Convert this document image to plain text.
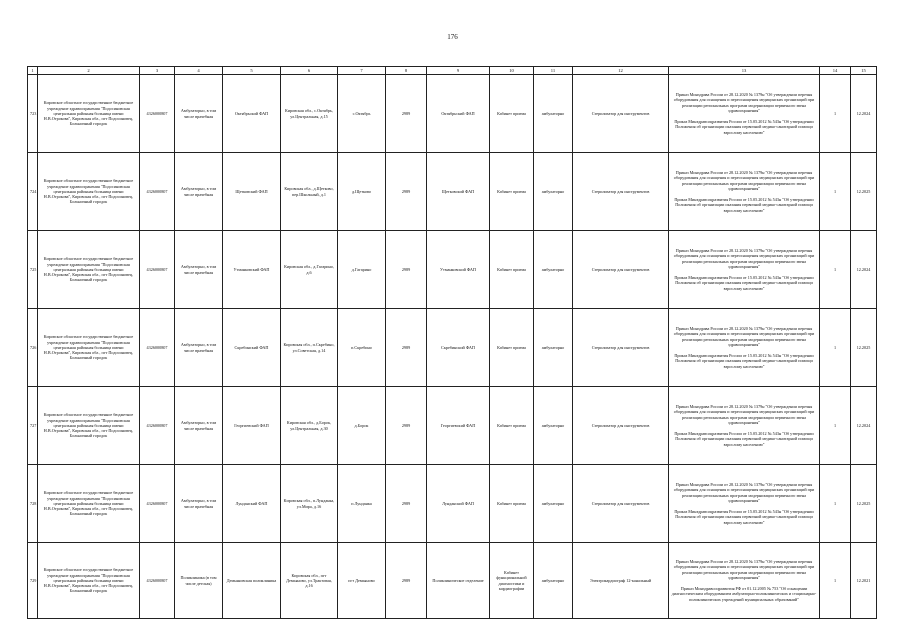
176
1	2	3	4	5	6	7	8	9	10	11	12	13	14	15
723	Кировское областное государственное бюджетное учреждение здравоохранения "Подосиновская центральная районная больница имени Н.В.Отрокова", Кировская обл., пгт Подосиновец, Больничный городок	4326000807	Амбулаторно, в том числе врачебная	Октябрьский ФАП	Кировская обл., с.Октябрь, ул.Центральная, д.15	с.Октябрь	2989	Октябрьский ФАП	Кабинет приема	амбулаторно	Стерилизатор для инструментов	Приказ Минздрава России от 28.12.2020 № 1379н "Об утверждении перечня оборудования для оснащения и переоснащения медицинских организаций при реализации региональных программ модернизации первичного звена здравоохранения"

Приказ Минздравсоцразвития России от 15.05.2012 № 543н "Об утверждении Положения об организации оказания первичной медико-санитарной помощи взрослому населению"	1	12.2024
724	Кировское областное государственное бюджетное учреждение здравоохранения "Подосиновская центральная районная больница имени Н.В.Отрокова", Кировская обл., пгт Подосиновец, Больничный городок	4326000807	Амбулаторно, в том числе врачебная	Щетковский ФАП	Кировская обл., д.Щетково, пер.Школьный, д.1	д.Щетково	2989	Щетковский ФАП	Кабинет приема	амбулаторно	Стерилизатор для инструментов	Приказ Минздрава России от 28.12.2020 № 1379н "Об утверждении перечня оборудования для оснащения и переоснащения медицинских организаций при реализации региональных программ модернизации первичного звена здравоохранения"

Приказ Минздравсоцразвития России от 15.05.2012 № 543н "Об утверждении Положения об организации оказания первичной медико-санитарной помощи взрослому населению"	1	12.2025
725	Кировское областное государственное бюджетное учреждение здравоохранения "Подосиновская центральная районная больница имени Н.В.Отрокова", Кировская обл., пгт Подосиновец, Больничный городок	4326000807	Амбулаторно, в том числе врачебная	Утманковский ФАП	Кировская обл., д.Гагарино, д.6	д.Гагарино	2989	Утманковский ФАП	Кабинет приема	амбулаторно	Стерилизатор для инструментов	Приказ Минздрава России от 28.12.2020 № 1379н "Об утверждении перечня оборудования для оснащения и переоснащения медицинских организаций при реализации региональных программ модернизации первичного звена здравоохранения"

Приказ Минздравсоцразвития России от 15.05.2012 № 543н "Об утверждении Положения об организации оказания первичной медико-санитарной помощи взрослому населению"	1	12.2024
726	Кировское областное государственное бюджетное учреждение здравоохранения "Подосиновская центральная районная больница имени Н.В.Отрокова", Кировская обл., пгт Подосиновец, Больничный городок	4326000807	Амбулаторно, в том числе врачебная	Скребинский ФАП	Кировская обл., п.Скребино, ул.Советская, д.14	п.Скребино	2989	Скребинский ФАП	Кабинет приема	амбулаторно	Стерилизатор для инструментов	Приказ Минздрава России от 28.12.2020 № 1379н "Об утверждении перечня оборудования для оснащения и переоснащения медицинских организаций при реализации региональных программ модернизации первичного звена здравоохранения"

Приказ Минздравсоцразвития России от 15.05.2012 № 543н "Об утверждении Положения об организации оказания первичной медико-санитарной помощи взрослому населению"	1	12.2025
727	Кировское областное государственное бюджетное учреждение здравоохранения "Подосиновская центральная районная больница имени Н.В.Отрокова", Кировская обл., пгт Подосиновец, Больничный городок	4326000807	Амбулаторно, в том числе врачебная	Георгиевский ФАП	Кировская обл., д.Борок, ул.Центральная, д.30	д.Борок	2989	Георгиевский ФАП	Кабинет приема	амбулаторно	Стерилизатор для инструментов	Приказ Минздрава России от 28.12.2020 № 1379н "Об утверждении перечня оборудования для оснащения и переоснащения медицинских организаций при реализации региональных программ модернизации первичного звена здравоохранения"

Приказ Минздравсоцразвития России от 15.05.2012 № 543н "Об утверждении Положения об организации оказания первичной медико-санитарной помощи взрослому населению"	1	12.2024
728	Кировское областное государственное бюджетное учреждение здравоохранения "Подосиновская центральная районная больница имени Н.В.Отрокова", Кировская обл., пгт Подосиновец, Больничный городок	4326000807	Амбулаторно, в том числе врачебная	Лунданский ФАП	Кировская обл., п.Лунданка, ул.Мира, д.16	п.Лунданка	2989	Лунданский ФАП	Кабинет приема	амбулаторно	Стерилизатор для инструментов	Приказ Минздрава России от 28.12.2020 № 1379н "Об утверждении перечня оборудования для оснащения и переоснащения медицинских организаций при реализации региональных программ модернизации первичного звена здравоохранения"

Приказ Минздравсоцразвития России от 15.05.2012 № 543н "Об утверждении Положения об организации оказания первичной медико-санитарной помощи взрослому населению"	1	12.2025
729	Кировское областное государственное бюджетное учреждение здравоохранения "Подосиновская центральная районная больница имени Н.В.Отрокова", Кировская обл., пгт Подосиновец, Больничный городок	4326000807	Поликлиника (в том числе детская)	Демьяновская поликлиника	Кировская обл., пгт Демьяново, ул.Трактовая, д.16	пгт Демьяново	2989	Поликлиническое отделение	Кабинет функциональной диагностики и кардиографии	амбулаторно	Электрокардиограф 12-канальный	Приказ Минздрава России от 28.12.2020 № 1379н "Об утверждении перечня оборудования для оснащения и переоснащения медицинских организаций при реализации региональных программ модернизации первичного звена здравоохранения"

Приказ Минздравсоцразвития РФ от 01.12.2005 № 753 "Об оснащении диагностическим оборудованием амбулаторно-поликлинических и стационарно-поликлинических учреждений муниципальных образований"	1	12.2021
